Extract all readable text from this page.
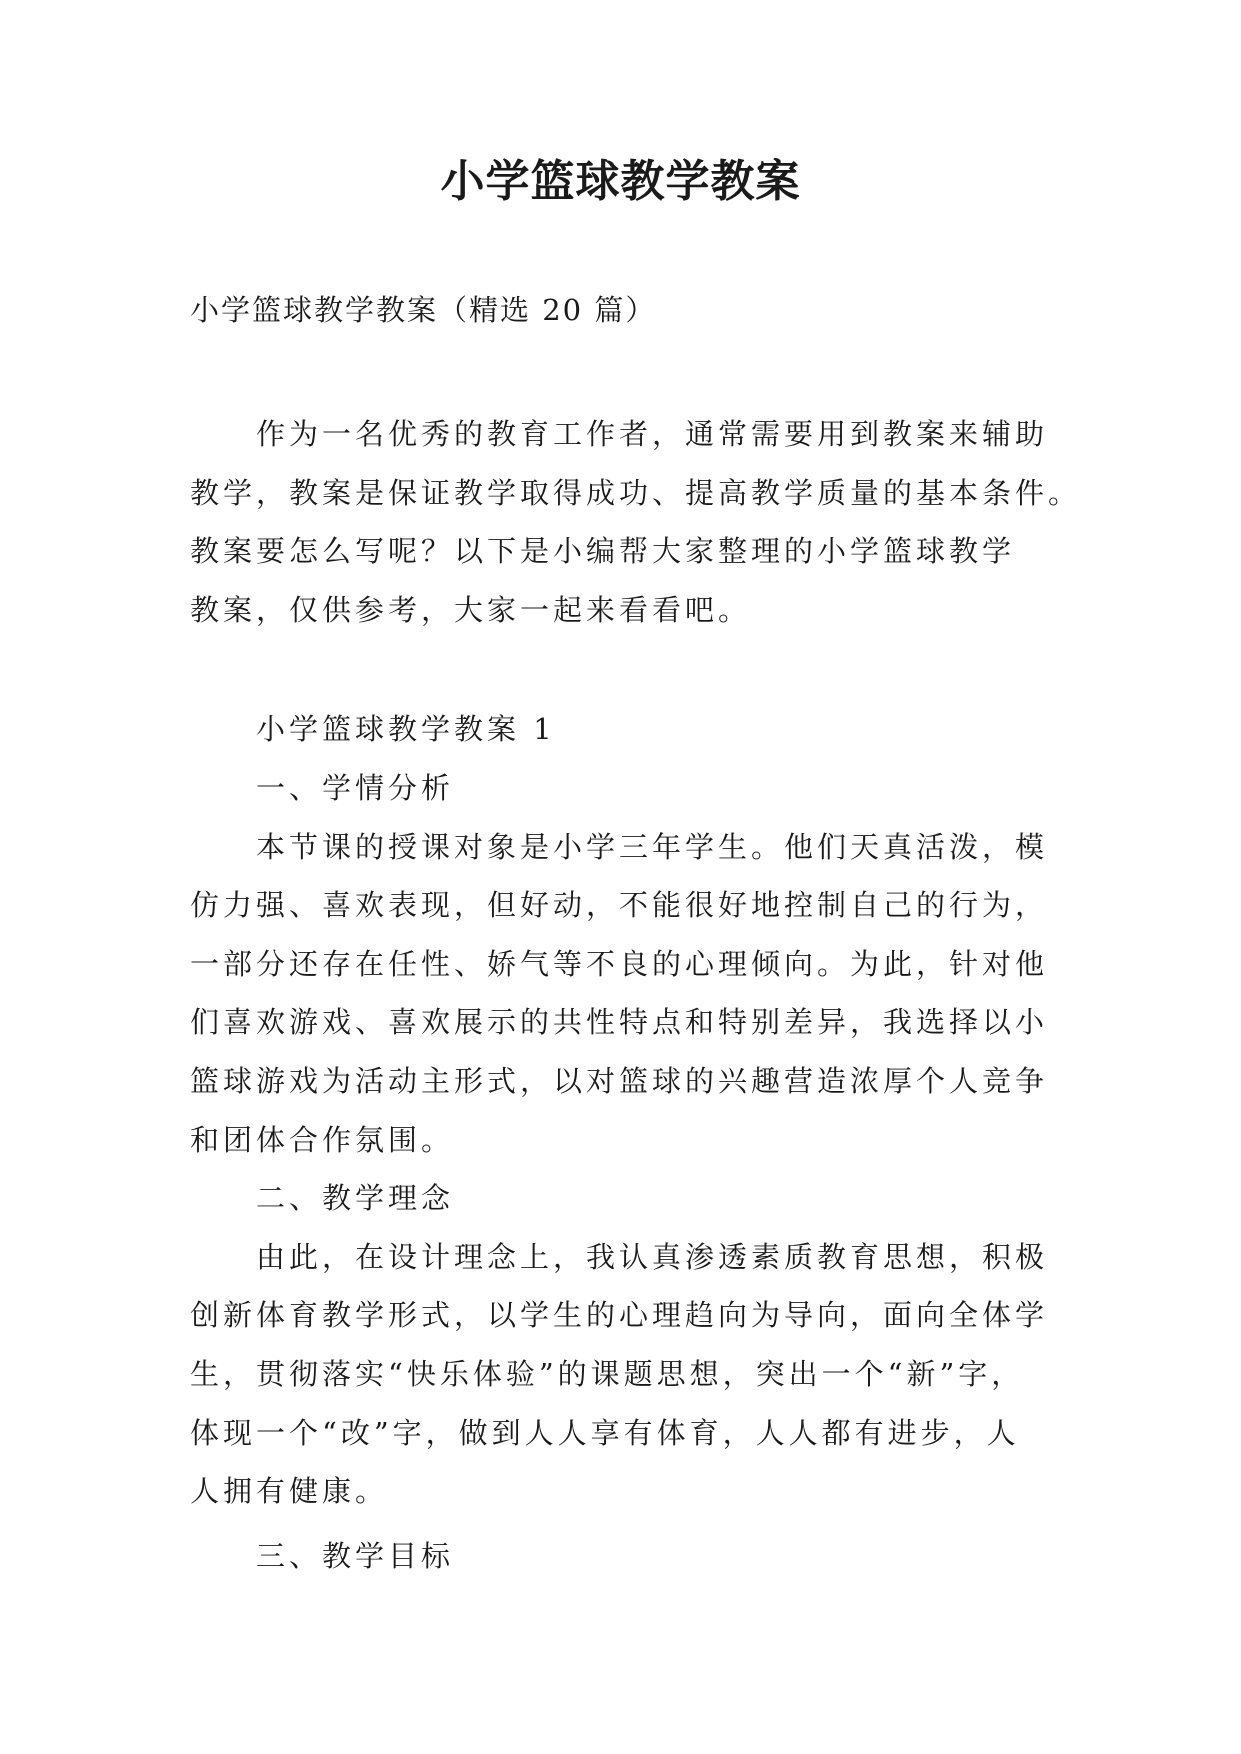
小学篮球教学教案
小学篮球教学教案（精选 20 篇）
作为一名优秀的教育工作者，通常需要用到教案来辅助
教学，教案是保证教学取得成功、提高教学质量的基本条件。
教案要怎么写呢？以下是小编帮大家整理的小学篮球教学
教案，仅供参考，大家一起来看看吧。
小学篮球教学教案 1
一、学情分析
本节课的授课对象是小学三年学生。他们天真活泼，模
仿力强、喜欢表现，但好动，不能很好地控制自己的行为，
一部分还存在任性、娇气等不良的心理倾向。为此，针对他
们喜欢游戏、喜欢展示的共性特点和特别差异，我选择以小
篮球游戏为活动主形式，以对篮球的兴趣营造浓厚个人竞争
和团体合作氛围。
二、教学理念
由此，在设计理念上，我认真渗透素质教育思想，积极
创新体育教学形式，以学生的心理趋向为导向，面向全体学
生，贯彻落实“快乐体验”的课题思想，突出一个“新”字，
体现一个“改”字，做到人人享有体育，人人都有进步，人
人拥有健康。
三、教学目标
